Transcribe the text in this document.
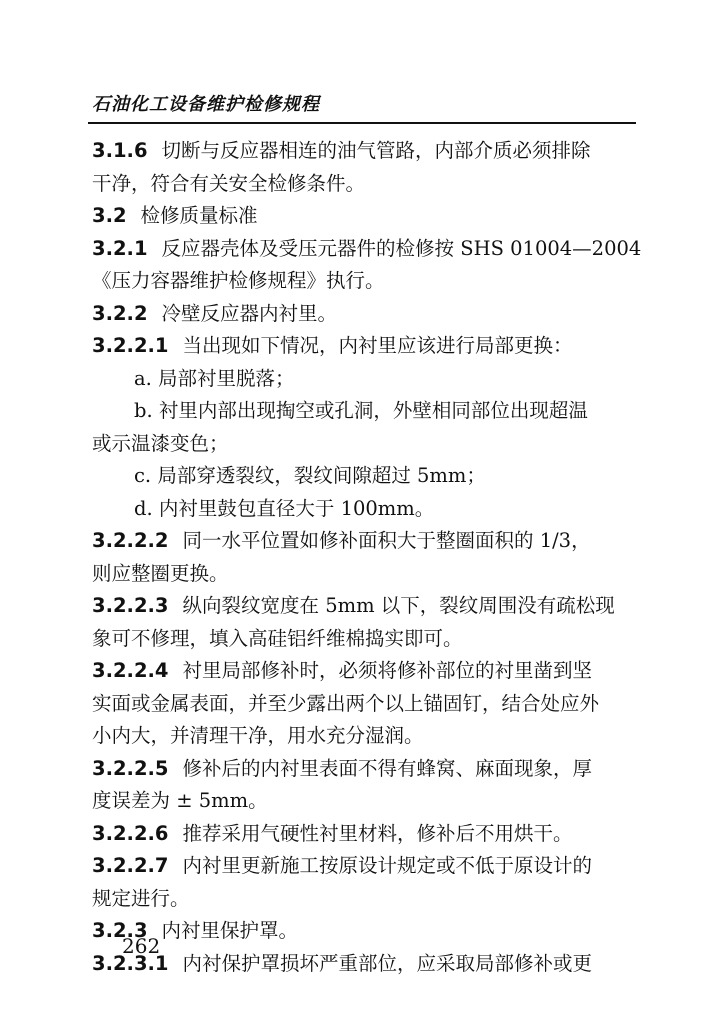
石油化工设备维护检修规程
3.1.6 切断与反应器相连的油气管路，内部介质必须排除
干净，符合有关安全检修条件。
3.2 检修质量标准
3.2.1 反应器壳体及受压元器件的检修按 SHS 01004—2004
《压力容器维护检修规程》执行。
3.2.2 冷壁反应器内衬里。
3.2.2.1 当出现如下情况，内衬里应该进行局部更换：
a. 局部衬里脱落；
b. 衬里内部出现掏空或孔洞，外壁相同部位出现超温
或示温漆变色；
c. 局部穿透裂纹，裂纹间隙超过 5mm；
d. 内衬里鼓包直径大于 100mm。
3.2.2.2 同一水平位置如修补面积大于整圈面积的 1/3，
则应整圈更换。
3.2.2.3 纵向裂纹宽度在 5mm 以下，裂纹周围没有疏松现
象可不修理，填入高硅铝纤维棉捣实即可。
3.2.2.4 衬里局部修补时，必须将修补部位的衬里凿到坚
实面或金属表面，并至少露出两个以上锚固钉，结合处应外
小内大，并清理干净，用水充分湿润。
3.2.2.5 修补后的内衬里表面不得有蜂窝、麻面现象，厚
度误差为 ± 5mm。
3.2.2.6 推荐采用气硬性衬里材料，修补后不用烘干。
3.2.2.7 内衬里更新施工按原设计规定或不低于原设计的
规定进行。
3.2.3 内衬里保护罩。
3.2.3.1 内衬保护罩损坏严重部位，应采取局部修补或更
262
